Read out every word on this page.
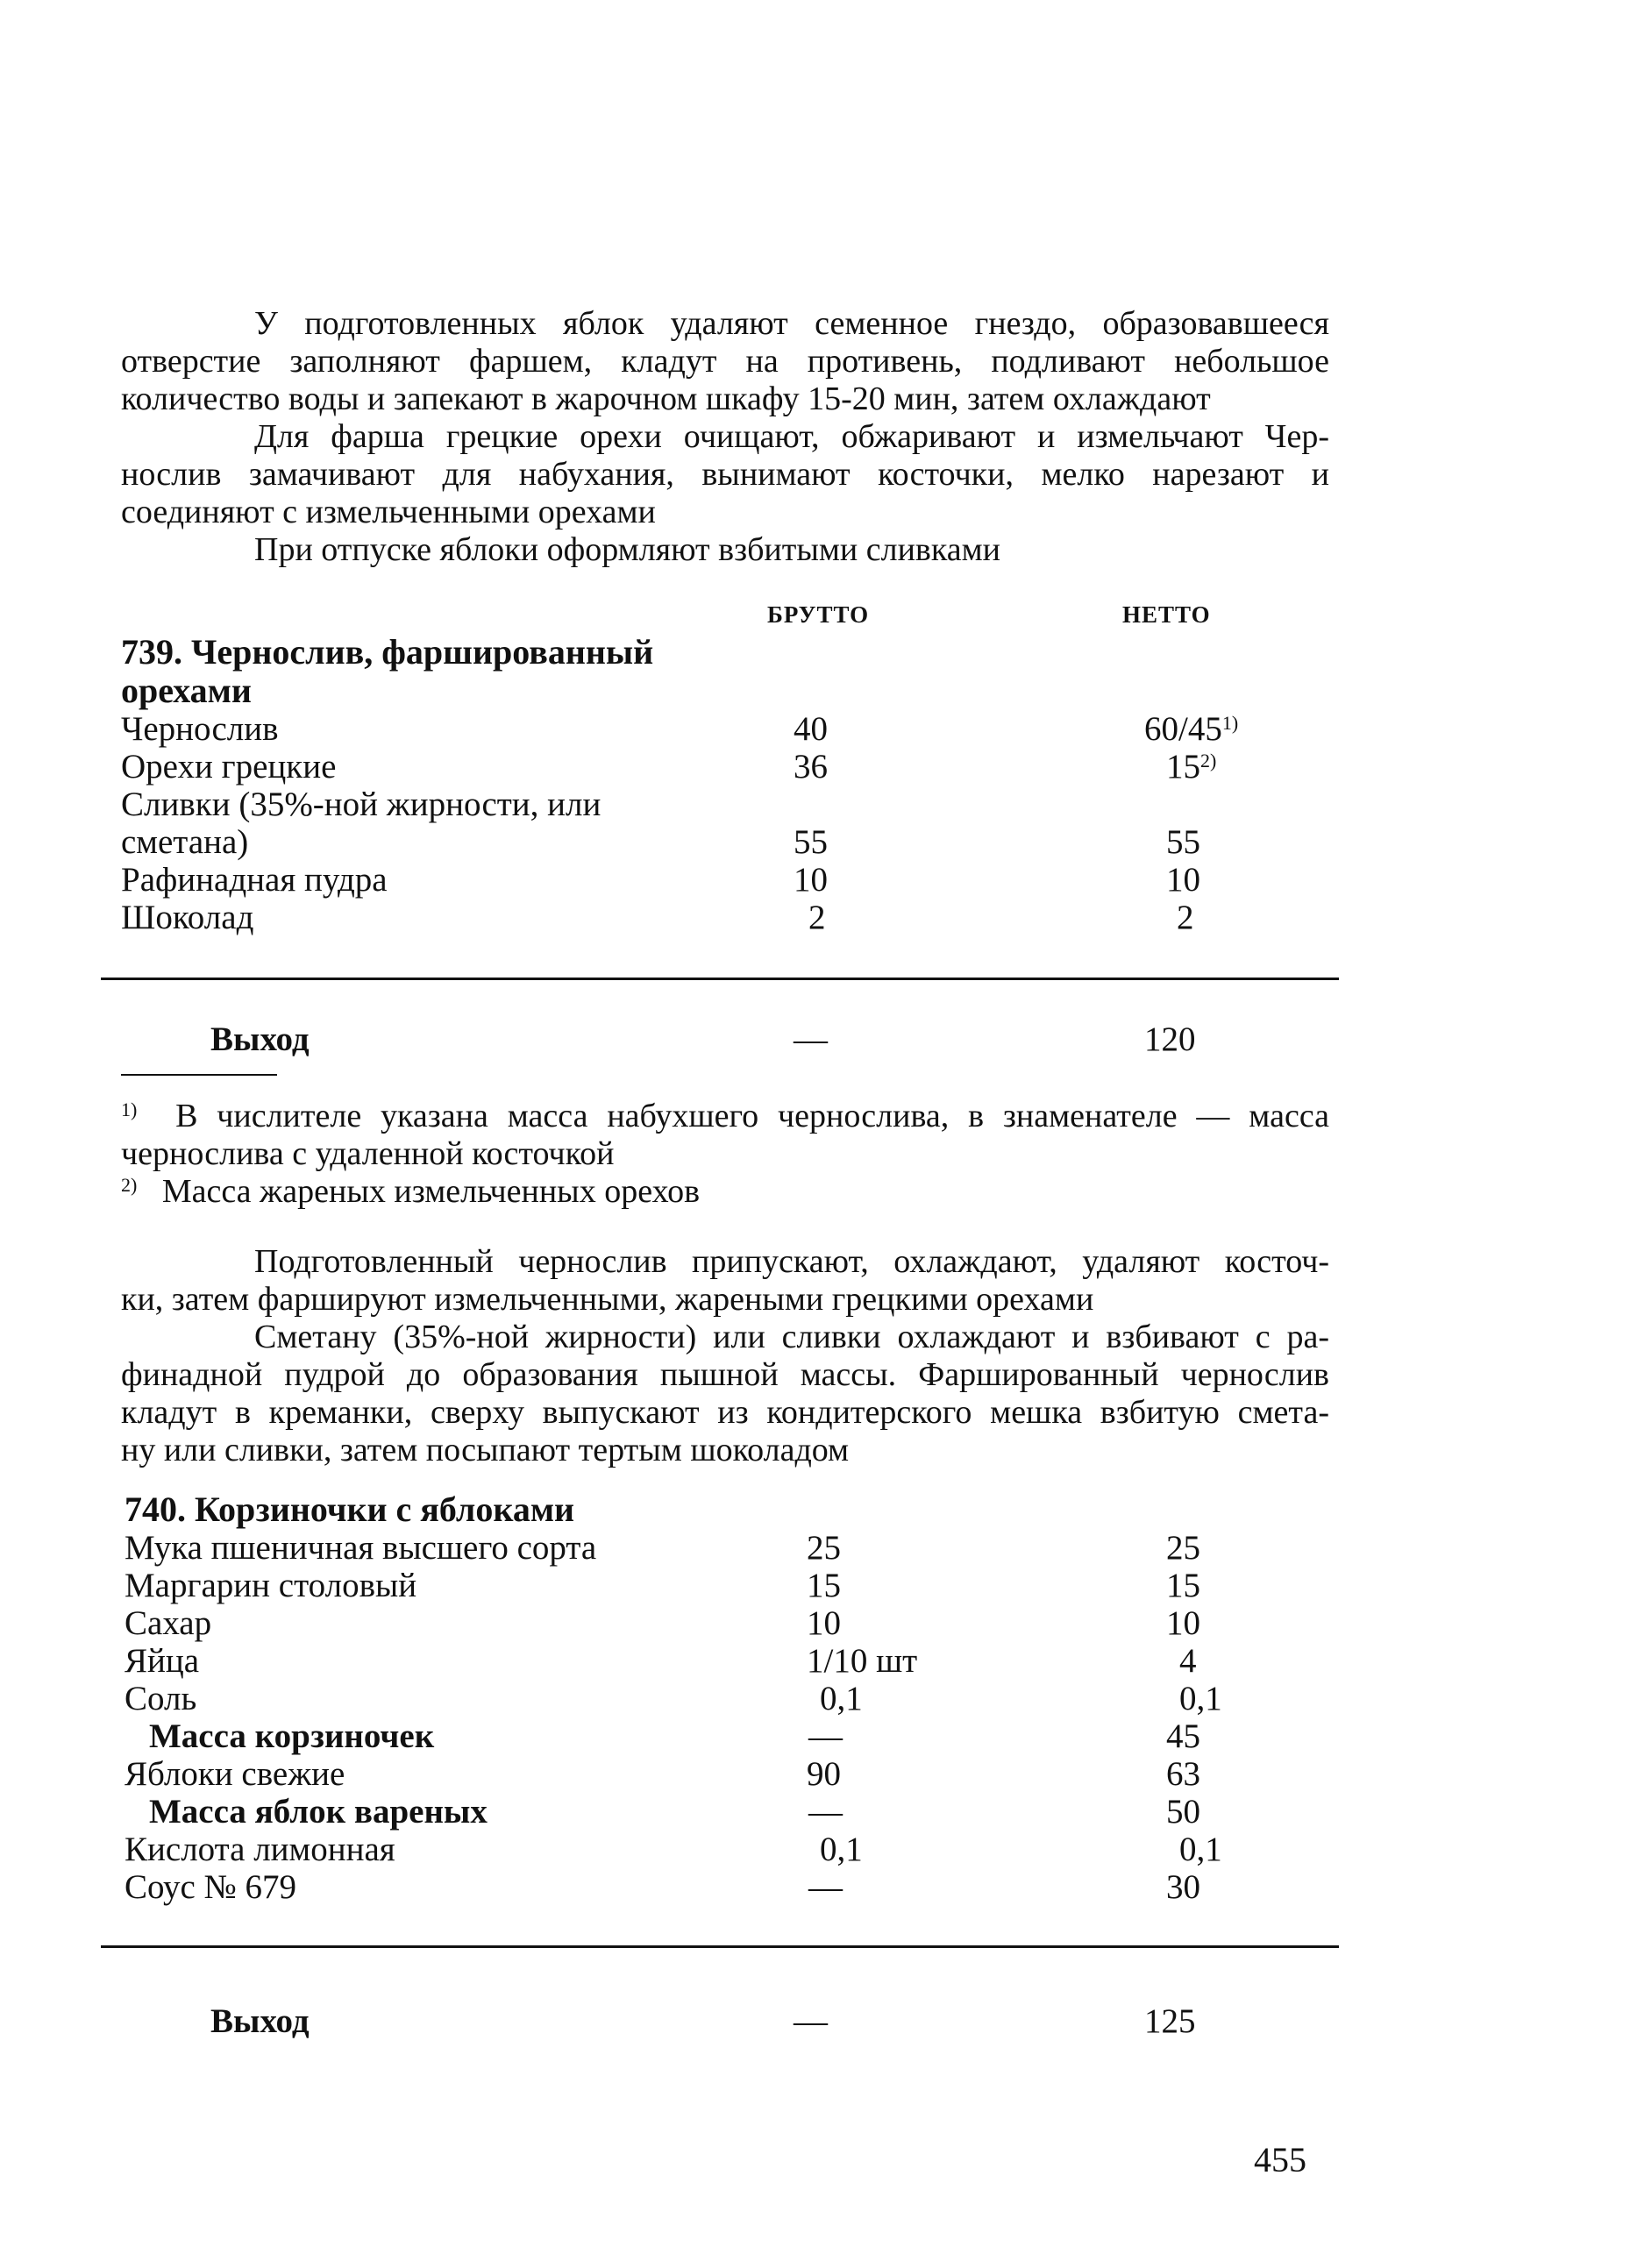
У подготовленных яблок удаляют семенное гнездо, образовавшееся
отверстие заполняют фаршем, кладут на противень, подливают небольшое
количество воды и запекают в жарочном шкафу 15-20 мин, затем охлаждают
Для фарша грецкие орехи очищают, обжаривают и измельчают Чер-
нослив замачивают для набухания, вынимают косточки, мелко нарезают и
соединяют с измельченными орехами
При отпуске яблоки оформляют взбитыми сливками
БРУТТО	НЕТТО
739. Чернослив, фаршированный
орехами
Чернослив	40	60/45$^{1)}$
Орехи грецкие	36	15$^{2)}$
Сливки (35%-ной жирности, или
сметана)	55	55
Рафинадная пудра	10	10
Шоколад	2	2
Выход	—	120
$^{1)}$ В числителе указана масса набухшего чернослива, в знаменателе — масса
чернослива с удаленной косточкой
$^{2)}$ Масса жареных измельченных орехов
Подготовленный чернослив припускают, охлаждают, удаляют косточ-
ки, затем фаршируют измельченными, жареными грецкими орехами
Сметану (35%-ной жирности) или сливки охлаждают и взбивают с ра-
финадной пудрой до образования пышной массы. Фаршированный чернослив
кладут в креманки, сверху выпускают из кондитерского мешка взбитую смета-
ну или сливки, затем посыпают тертым шоколадом
740. Корзиночки с яблоками
Мука пшеничная высшего сорта	25	25
Маргарин столовый	15	15
Сахар	10	10
Яйца	1/10 шт	4
Соль	0,1	0,1
Масса корзиночек	—	45
Яблоки свежие	90	63
Масса яблок вареных	—	50
Кислота лимонная	0,1	0,1
Соус № 679	—	30
Выход	—	125
455
